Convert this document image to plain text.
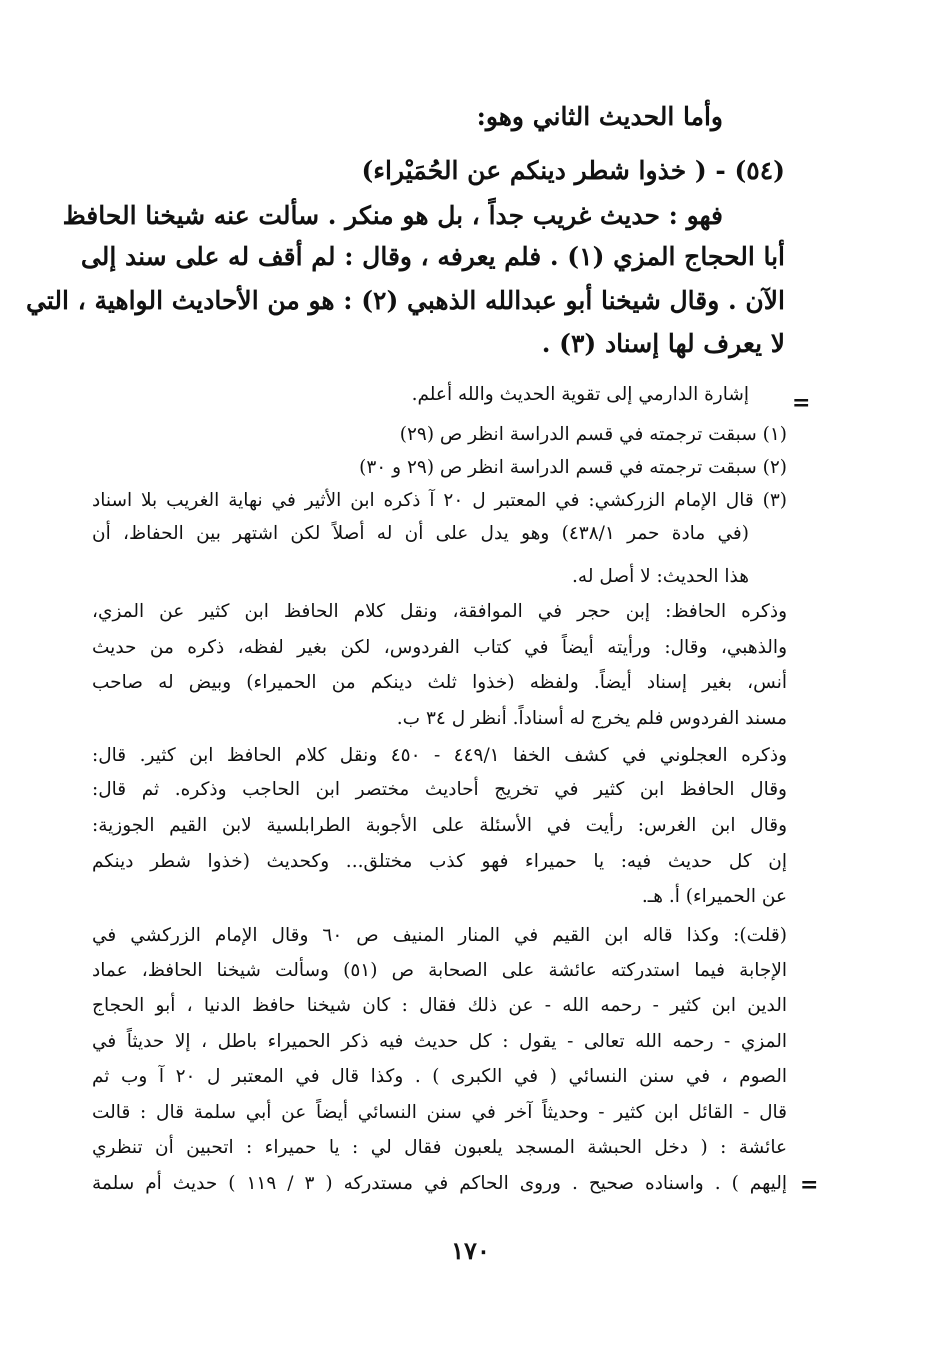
وأما الحديث الثاني وهو:
(٥٤) - ( خذوا شطر دينكم عن الحُمَيْراء)
فهو : حديث غريب جداً ، بل هو منكر . سألت عنه شيخنا الحافظ
أبا الحجاج المزي (١) . فلم يعرفه ، وقال : لم أقف له على سند إلى
الآن . وقال شيخنا أبو عبدالله الذهبي (٢) : هو من الأحاديث الواهية ، التي
لا يعرف لها إسناد (٣) .
=
إشارة الدارمي إلى تقوية الحديث والله أعلم.
(١) سبقت ترجمته في قسم الدراسة انظر ص (٢٩)
(٢) سبقت ترجمته في قسم الدراسة انظر ص (٢٩ و ٣٠)
(٣) قال الإمام الزركشي: في المعتبر ل ٢٠ آ ذكره ابن الأثير في نهاية الغريب بلا اسناد
(في مادة حمر ٤٣٨/١) وهو يدل على أن له أصلاً لكن اشتهر بين الحفاظ، أن
هذا الحديث: لا أصل له.
وذكره الحافظ: إبن حجر في الموافقة، ونقل كلام الحافظ ابن كثير عن المزي،
والذهبي، وقال: ورأيته أيضاً في كتاب الفردوس، لكن بغير لفظه، ذكره من حديث
أنس، بغير إسناد أيضاً. ولفظه (خذوا ثلث دينكم من الحميراء) وبيض له صاحب
مسند الفردوس فلم يخرج له أسناداً. أنظر ل ٣٤ ب.
وذكره العجلوني في كشف الخفا ٤٤٩/١ - ٤٥٠ ونقل كلام الحافظ ابن كثير. قال:
وقال الحافظ ابن كثير في تخريج أحاديث مختصر ابن الحاجب وذكره. ثم قال:
وقال ابن الغرس: رأيت في الأسئلة على الأجوبة الطرابلسية لابن القيم الجوزية:
إن كل حديث فيه: يا حميراء فهو كذب مختلق... وكحديث (خذوا شطر دينكم
عن الحميراء) أ. هـ.
(قلت): وكذا قاله ابن القيم في المنار المنيف ص ٦٠ وقال الإمام الزركشي في
الإجابة فيما استدركته عائشة على الصحابة ص (٥١) وسألت شيخنا الحافظ، عماد
الدين ابن كثير - رحمه الله - عن ذلك فقال : كان شيخنا حافظ الدنيا ، أبو الحجاج
المزي - رحمه الله تعالى - يقول : كل حديث فيه ذكر الحميراء باطل ، إلا حديثاً في
الصوم ، في سنن النسائي ( في الكبرى ) . وكذا قال في المعتبر ل ٢٠ آ وب ثم
قال - القائل ابن كثير - وحديثاً آخر في سنن النسائي أيضاً عن أبي سلمة قال : قالت
عائشة : ( دخل الحبشة المسجد يلعبون فقال لي : يا حميراء : اتحبين أن تنظري
إليهم ) . واسناده صحيح . وروى الحاكم في مستدركه ( ٣ / ١١٩ ) حديث أم سلمة =
١٧٠
